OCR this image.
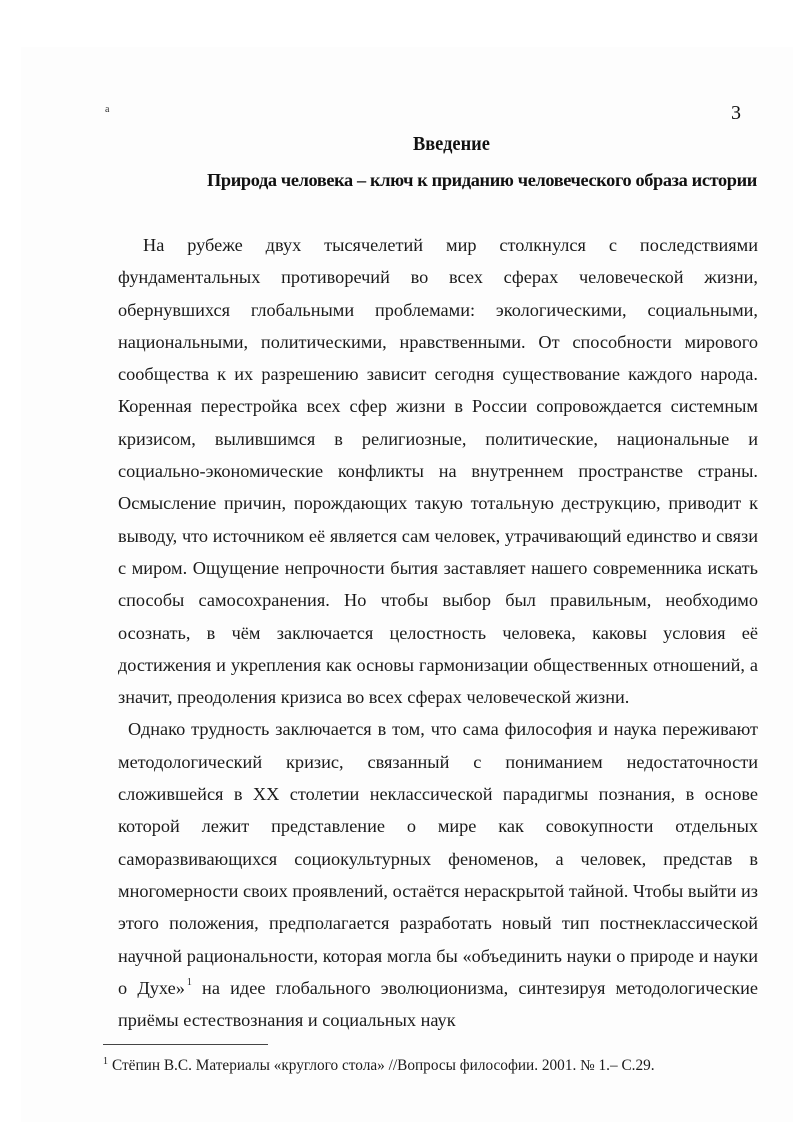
а	3
Введение
Природа человека – ключ к приданию человеческого образа истории

На рубеже двух тысячелетий мир столкнулся с последствиями фундаментальных противоречий во всех сферах человеческой жизни, обернувшихся глобальными проблемами: экологическими, социальными, национальными, политическими, нравственными. От способности мирового сообщества к их разрешению зависит сегодня существование каждого народа. Коренная перестройка всех сфер жизни в России сопровождается системным кризисом, вылившимся в религиозные, политические, национальные и социально-экономические конфликты на внутреннем пространстве страны. Осмысление причин, порождающих такую тотальную деструкцию, приводит к выводу, что источником её является сам человек, утрачивающий единство и связи с миром. Ощущение непрочности бытия заставляет нашего современника искать способы самосохранения. Но чтобы выбор был правильным, необходимо осознать, в чём заключается целостность человека, каковы условия её достижения и укрепления как основы гармонизации общественных отношений, а значит, преодоления кризиса во всех сферах человеческой жизни.

Однако трудность заключается в том, что сама философия и наука переживают методологический кризис, связанный с пониманием недостаточности сложившейся в XX столетии неклассической парадигмы познания, в основе которой лежит представление о мире как совокупности отдельных саморазвивающихся социокультурных феноменов, а человек, представ в многомерности своих проявлений, остаётся нераскрытой тайной. Чтобы выйти из этого положения, предполагается разработать новый тип постнеклассической научной рациональности, которая могла бы «объединить науки о природе и науки о Духе» $^1$ на идее глобального эволюционизма, синтезируя методологические приёмы естествознания и социальных наук

$^1$ Стёпин В.С. Материалы «круглого стола» //Вопросы философии. 2001. № 1.– С.29.
